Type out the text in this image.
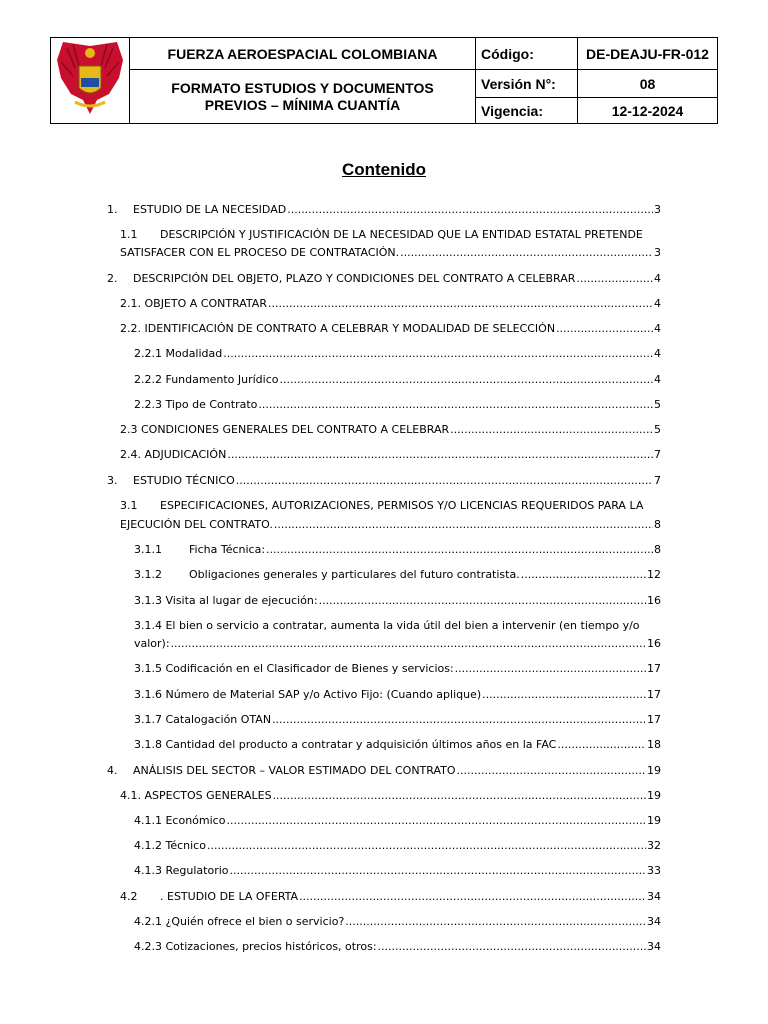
	FUERZA AEROESPACIAL COLOMBIANA	Código:	DE-DEAJU-FR-012

	FORMATO ESTUDIOS Y DOCUMENTOS
PREVIOS – MÍNIMA CUANTÍA	Versión N°:	08
		Vigencia:	12-12-2024
Contenido
1.	ESTUDIO DE LA NECESIDAD .....	3
1.1 DESCRIPCIÓN Y JUSTIFICACIÓN DE LA NECESIDAD QUE LA ENTIDAD ESTATAL PRETENDE
SATISFACER CON EL PROCESO DE CONTRATACIÓN. .....	3
2.	DESCRIPCIÓN DEL OBJETO, PLAZO Y CONDICIONES DEL CONTRATO A CELEBRAR .....	4
2.1. OBJETO A CONTRATAR .....	4
2.2. IDENTIFICACIÓN DE CONTRATO A CELEBRAR Y MODALIDAD DE SELECCIÓN .....	4
2.2.1 Modalidad .....	4
2.2.2 Fundamento Jurídico .....	4
2.2.3 Tipo de Contrato .....	5
2.3 CONDICIONES GENERALES DEL CONTRATO A CELEBRAR .....	5
2.4. ADJUDICACIÓN .....	7
3.	ESTUDIO TÉCNICO .....	7
3.1 ESPECIFICACIONES, AUTORIZACIONES, PERMISOS Y/O LICENCIAS REQUERIDOS PARA LA
EJECUCIÓN DEL CONTRATO. .....	8
3.1.1	Ficha Técnica: .....	8
3.1.2	Obligaciones generales y particulares del futuro contratista. .....	12
3.1.3 Visita al lugar de ejecución: .....	16
3.1.4 El bien o servicio a contratar, aumenta la vida útil del bien a intervenir (en tiempo y/o
valor): .....	16
3.1.5 Codificación en el Clasificador de Bienes y servicios: .....	17
3.1.6 Número de Material SAP y/o Activo Fijo: (Cuando aplique) .....	17
3.1.7 Catalogación OTAN .....	17
3.1.8 Cantidad del producto a contratar y adquisición últimos años en la FAC .....	18
4.	ANÁLISIS DEL SECTOR – VALOR ESTIMADO DEL CONTRATO .....	19
4.1. ASPECTOS GENERALES .....	19
4.1.1 Económico .....	19
4.1.2 Técnico .....	32
4.1.3 Regulatorio .....	33
4.2	. ESTUDIO DE LA OFERTA .....	34
4.2.1 ¿Quién ofrece el bien o servicio? .....	34
4.2.3 Cotizaciones, precios históricos, otros: .....	34
